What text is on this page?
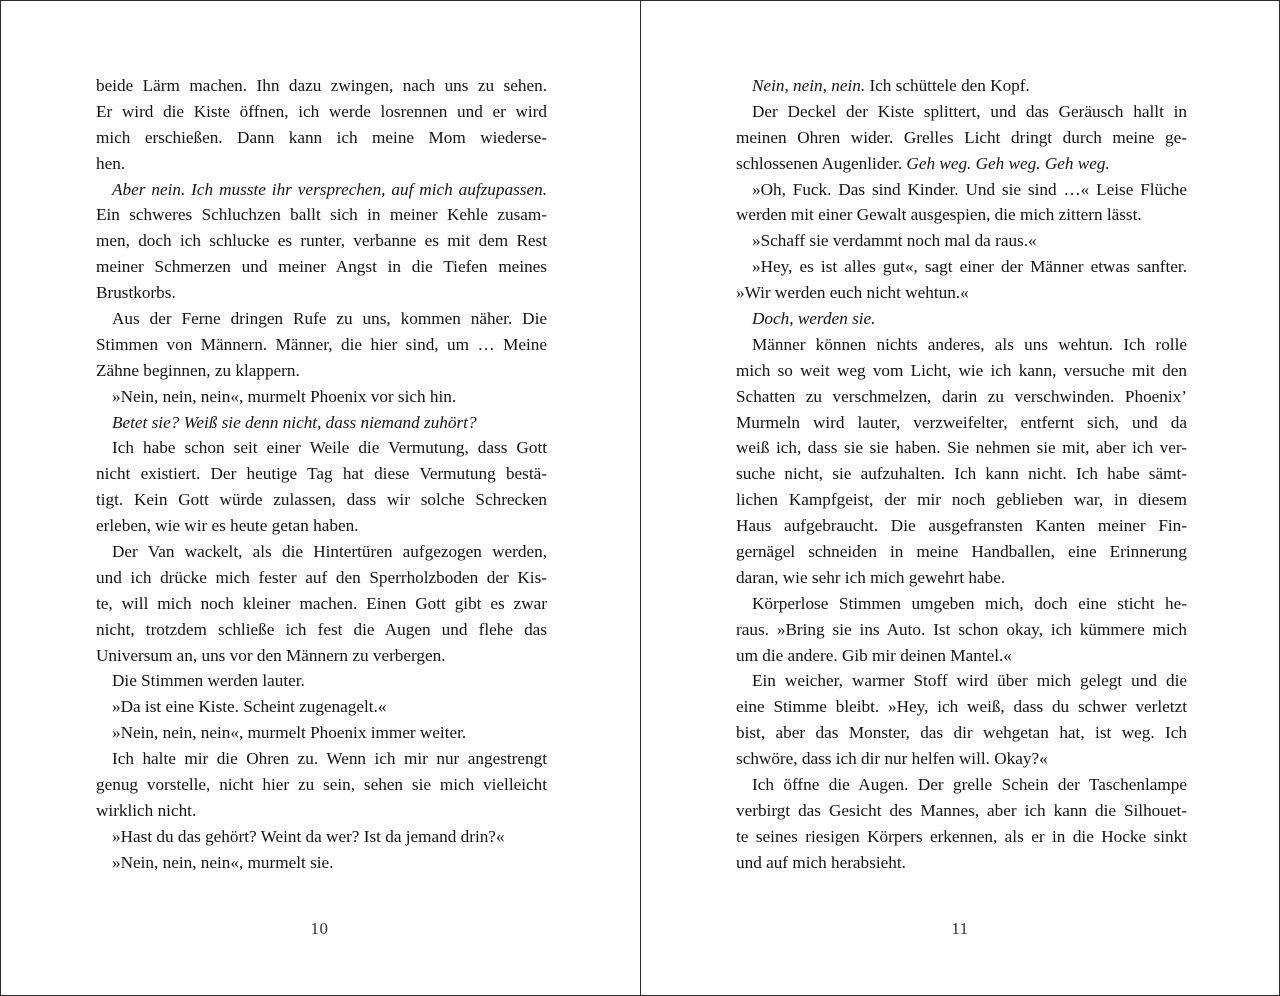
beide Lärm machen. Ihn dazu zwingen, nach uns zu sehen.
Er wird die Kiste öffnen, ich werde losrennen und er wird
mich erschießen. Dann kann ich meine Mom wiederse-
hen.
Aber nein. Ich musste ihr versprechen, auf mich aufzupassen.
Ein schweres Schluchzen ballt sich in meiner Kehle zusam-
men, doch ich schlucke es runter, verbanne es mit dem Rest
meiner Schmerzen und meiner Angst in die Tiefen meines
Brustkorbs.
Aus der Ferne dringen Rufe zu uns, kommen näher. Die
Stimmen von Männern. Männer, die hier sind, um … Meine
Zähne beginnen, zu klappern.
»Nein, nein, nein«, murmelt Phoenix vor sich hin.
Betet sie? Weiß sie denn nicht, dass niemand zuhört?
Ich habe schon seit einer Weile die Vermutung, dass Gott
nicht existiert. Der heutige Tag hat diese Vermutung bestä-
tigt. Kein Gott würde zulassen, dass wir solche Schrecken
erleben, wie wir es heute getan haben.
Der Van wackelt, als die Hintertüren aufgezogen werden,
und ich drücke mich fester auf den Sperrholzboden der Kis-
te, will mich noch kleiner machen. Einen Gott gibt es zwar
nicht, trotzdem schließe ich fest die Augen und flehe das
Universum an, uns vor den Männern zu verbergen.
Die Stimmen werden lauter.
»Da ist eine Kiste. Scheint zugenagelt.«
»Nein, nein, nein«, murmelt Phoenix immer weiter.
Ich halte mir die Ohren zu. Wenn ich mir nur angestrengt
genug vorstelle, nicht hier zu sein, sehen sie mich vielleicht
wirklich nicht.
»Hast du das gehört? Weint da wer? Ist da jemand drin?«
»Nein, nein, nein«, murmelt sie.
10
Nein, nein, nein. Ich schüttele den Kopf.
Der Deckel der Kiste splittert, und das Geräusch hallt in
meinen Ohren wider. Grelles Licht dringt durch meine ge-
schlossenen Augenlider. Geh weg. Geh weg. Geh weg.
»Oh, Fuck. Das sind Kinder. Und sie sind …« Leise Flüche
werden mit einer Gewalt ausgespien, die mich zittern lässt.
»Schaff sie verdammt noch mal da raus.«
»Hey, es ist alles gut«, sagt einer der Männer etwas sanfter.
»Wir werden euch nicht wehtun.«
Doch, werden sie.
Männer können nichts anderes, als uns wehtun. Ich rolle
mich so weit weg vom Licht, wie ich kann, versuche mit den
Schatten zu verschmelzen, darin zu verschwinden. Phoenix’
Murmeln wird lauter, verzweifelter, entfernt sich, und da
weiß ich, dass sie sie haben. Sie nehmen sie mit, aber ich ver-
suche nicht, sie aufzuhalten. Ich kann nicht. Ich habe sämt-
lichen Kampfgeist, der mir noch geblieben war, in diesem
Haus aufgebraucht. Die ausgefransten Kanten meiner Fin-
gernägel schneiden in meine Handballen, eine Erinnerung
daran, wie sehr ich mich gewehrt habe.
Körperlose Stimmen umgeben mich, doch eine sticht he-
raus. »Bring sie ins Auto. Ist schon okay, ich kümmere mich
um die andere. Gib mir deinen Mantel.«
Ein weicher, warmer Stoff wird über mich gelegt und die
eine Stimme bleibt. »Hey, ich weiß, dass du schwer verletzt
bist, aber das Monster, das dir wehgetan hat, ist weg. Ich
schwöre, dass ich dir nur helfen will. Okay?«
Ich öffne die Augen. Der grelle Schein der Taschenlampe
verbirgt das Gesicht des Mannes, aber ich kann die Silhouet-
te seines riesigen Körpers erkennen, als er in die Hocke sinkt
und auf mich herabsieht.
11
